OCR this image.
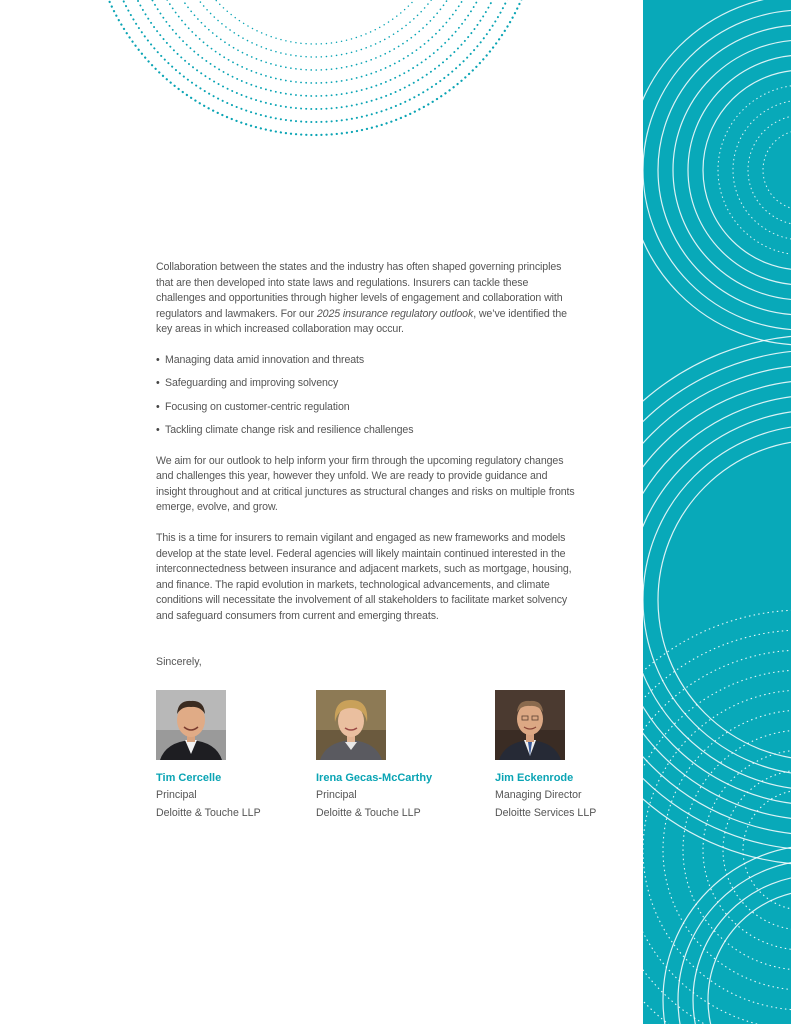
Collaboration between the states and the industry has often shaped governing principles that are then developed into state laws and regulations. Insurers can tackle these challenges and opportunities through higher levels of engagement and collaboration with regulators and lawmakers. For our 2025 insurance regulatory outlook, we’ve identified the key areas in which increased collaboration may occur.

• Managing data amid innovation and threats
• Safeguarding and improving solvency
• Focusing on customer-centric regulation
• Tackling climate change risk and resilience challenges

We aim for our outlook to help inform your firm through the upcoming regulatory changes and challenges this year, however they unfold. We are ready to provide guidance and insight throughout and at critical junctures as structural changes and risks on multiple fronts emerge, evolve, and grow.

This is a time for insurers to remain vigilant and engaged as new frameworks and models develop at the state level. Federal agencies will likely maintain continued interested in the interconnectedness between insurance and adjacent markets, such as mortgage, housing, and finance. The rapid evolution in markets, technological advancements, and climate conditions will necessitate the involvement of all stakeholders to facilitate market solvency and safeguard consumers from current and emerging threats.

Sincerely,
Tim Cercelle
Principal
Deloitte & Touche LLP
Irena Gecas-McCarthy
Principal
Deloitte & Touche LLP
Jim Eckenrode
Managing Director
Deloitte Services LLP
